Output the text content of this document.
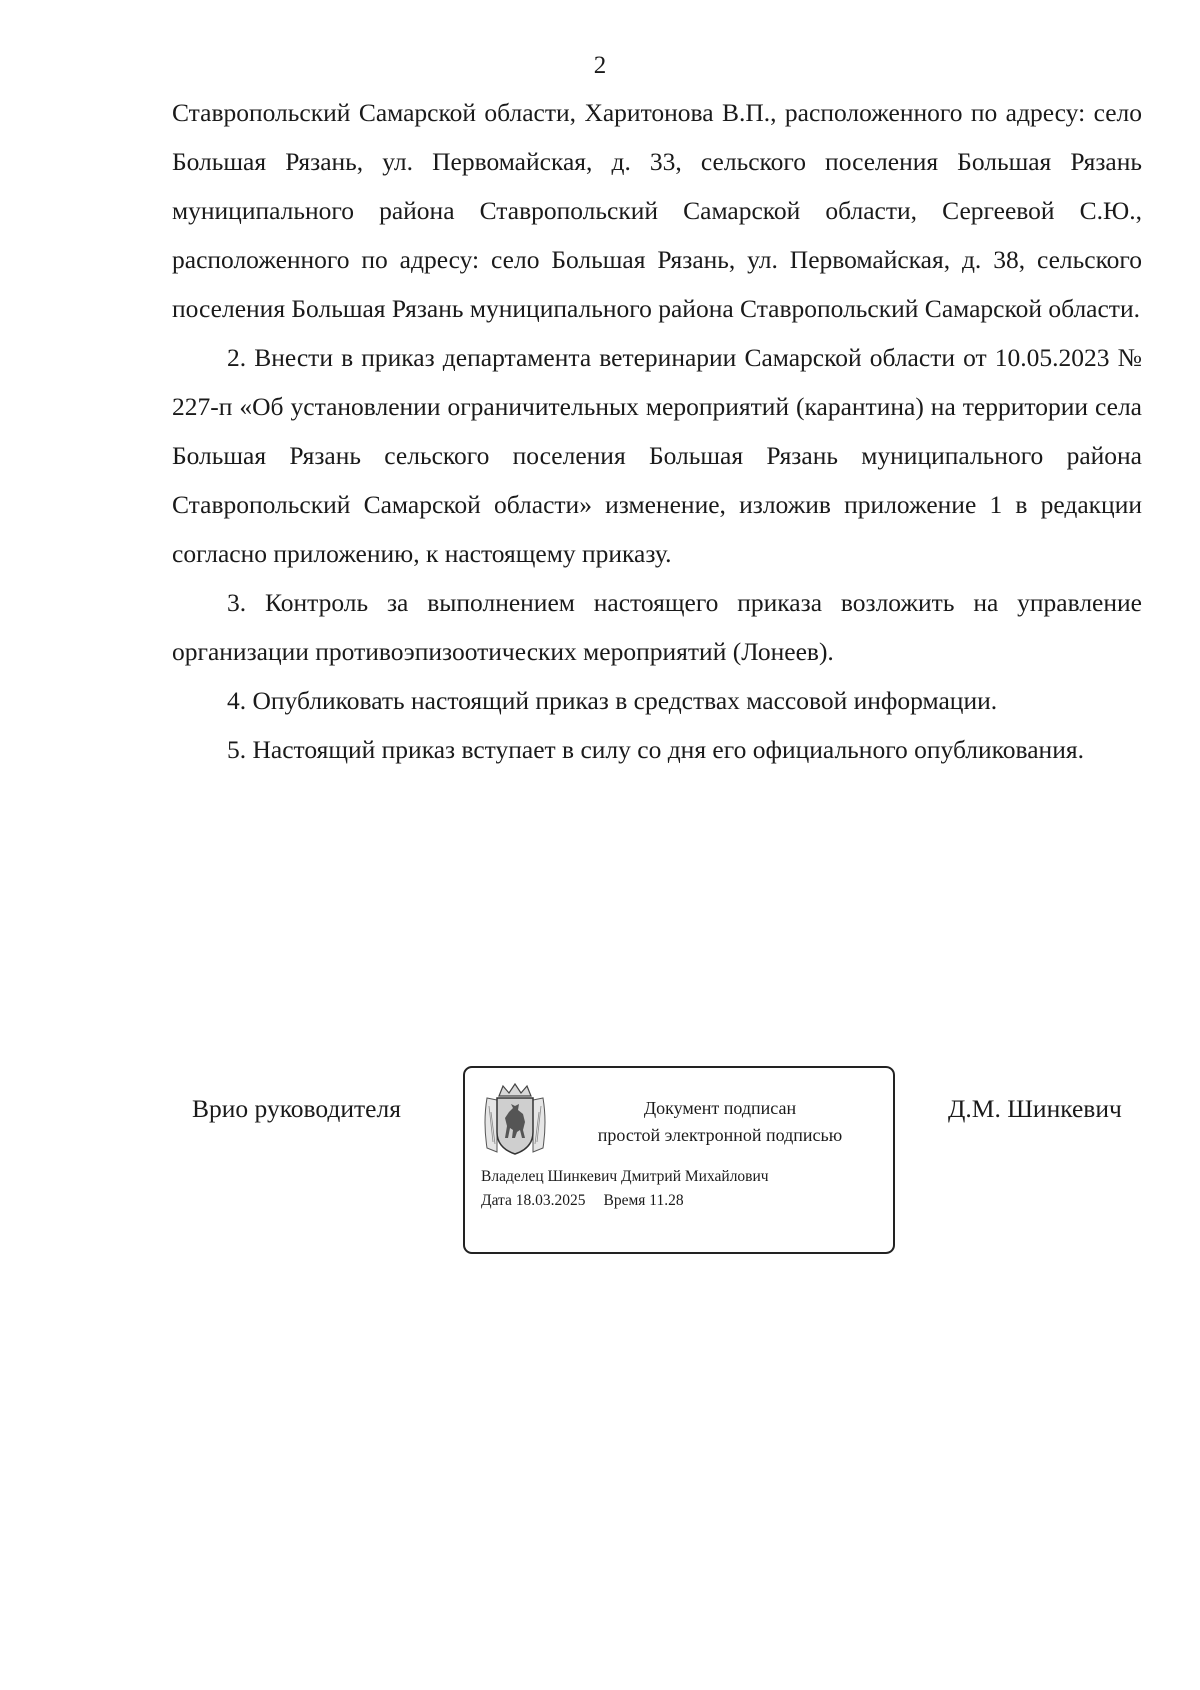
2

Ставропольский Самарской области, Харитонова В.П., расположенного по адресу: село Большая Рязань, ул. Первомайская, д. 33, сельского поселения Большая Рязань муниципального района Ставропольский Самарской области, Сергеевой С.Ю., расположенного по адресу: село Большая Рязань, ул. Первомайская, д. 38, сельского поселения Большая Рязань муниципального района Ставропольский Самарской области.

2. Внести в приказ департамента ветеринарии Самарской области от 10.05.2023 № 227-п «Об установлении ограничительных мероприятий (карантина) на территории села Большая Рязань сельского поселения Большая Рязань муниципального района Ставропольский Самарской области» изменение, изложив приложение 1 в редакции согласно приложению, к настоящему приказу.

3. Контроль за выполнением настоящего приказа возложить на управление организации противоэпизоотических мероприятий (Лонеев).

4. Опубликовать настоящий приказ в средствах массовой информации.

5. Настоящий приказ вступает в силу со дня его официального опубликования.

Врио руководителя	Документ подписан
простой электронной подписью
Владелец Шинкевич Дмитрий Михайлович
Дата 18.03.2025 Время 11.28
Д.М. Шинкевич
